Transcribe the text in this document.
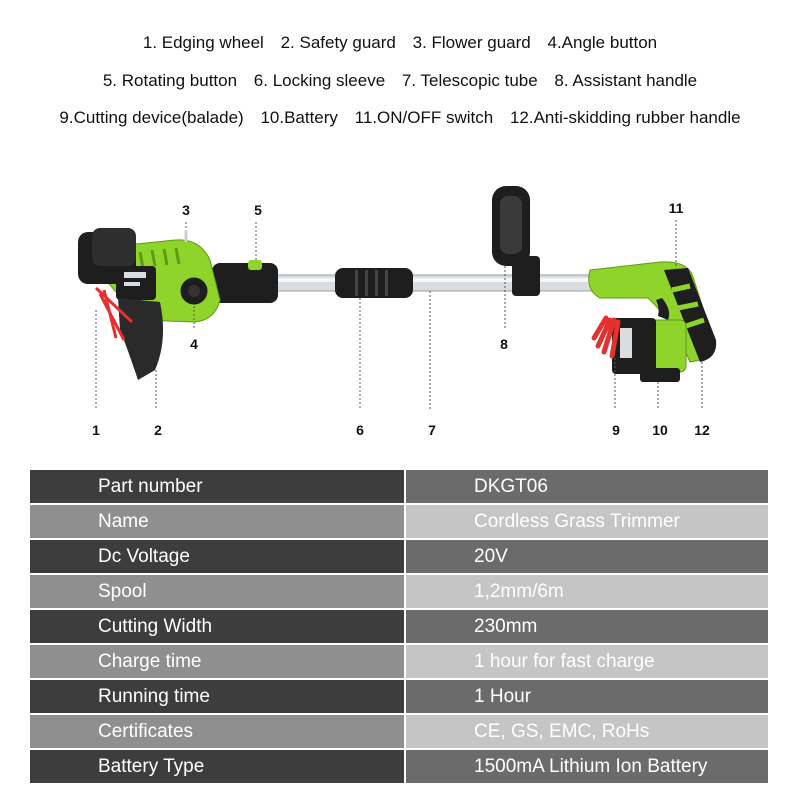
1. Edging wheel 2. Safety guard 3. Flower guard 4.Angle button
5. Rotating button 6. Locking sleeve 7. Telescopic tube 8. Assistant handle
9.Cutting device(balade) 10.Battery 11.ON/OFF switch 12.Anti-skidding rubber handle
1	2
3
4
5
6	7
8
9	10
11
12
Part number	DKGT06
Name	Cordless Grass Trimmer
Dc Voltage	20V
Spool	1,2mm/6m
Cutting Width	230mm
Charge time	1 hour for fast charge
Running time	1 Hour
Certificates	CE, GS, EMC, RoHs
Battery Type	1500mA Lithium Ion Battery
